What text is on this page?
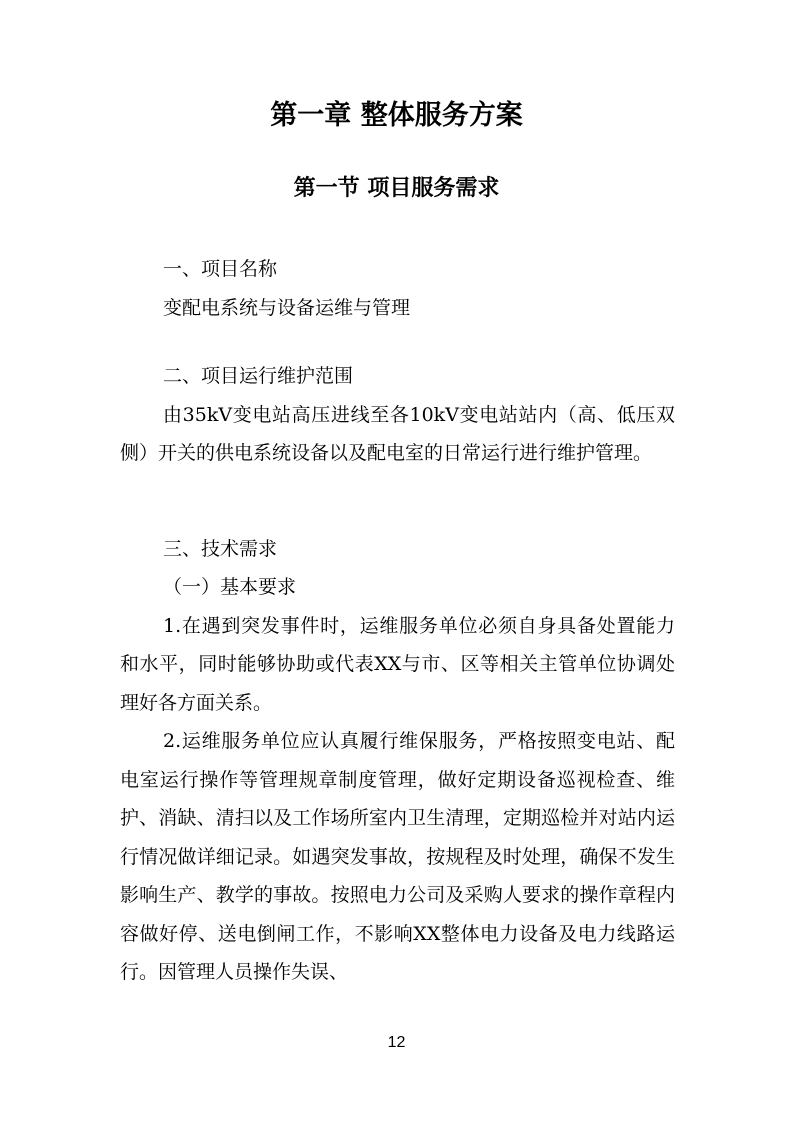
第一章 整体服务方案
第一节 项目服务需求

一、项目名称

变配电系统与设备运维与管理

二、项目运行维护范围

由35kV变电站高压进线至各10kV变电站站内（高、低压双侧）开关的供电系统设备以及配电室的日常运行进行维护管理。

三、技术需求

（一）基本要求

1.在遇到突发事件时，运维服务单位必须自身具备处置能力和水平，同时能够协助或代表XX与市、区等相关主管单位协调处理好各方面关系。

2.运维服务单位应认真履行维保服务，严格按照变电站、配电室运行操作等管理规章制度管理，做好定期设备巡视检查、维护、消缺、清扫以及工作场所室内卫生清理，定期巡检并对站内运行情况做详细记录。如遇突发事故，按规程及时处理，确保不发生影响生产、教学的事故。按照电力公司及采购人要求的操作章程内容做好停、送电倒闸工作，不影响XX整体电力设备及电力线路运行。因管理人员操作失误、

12
